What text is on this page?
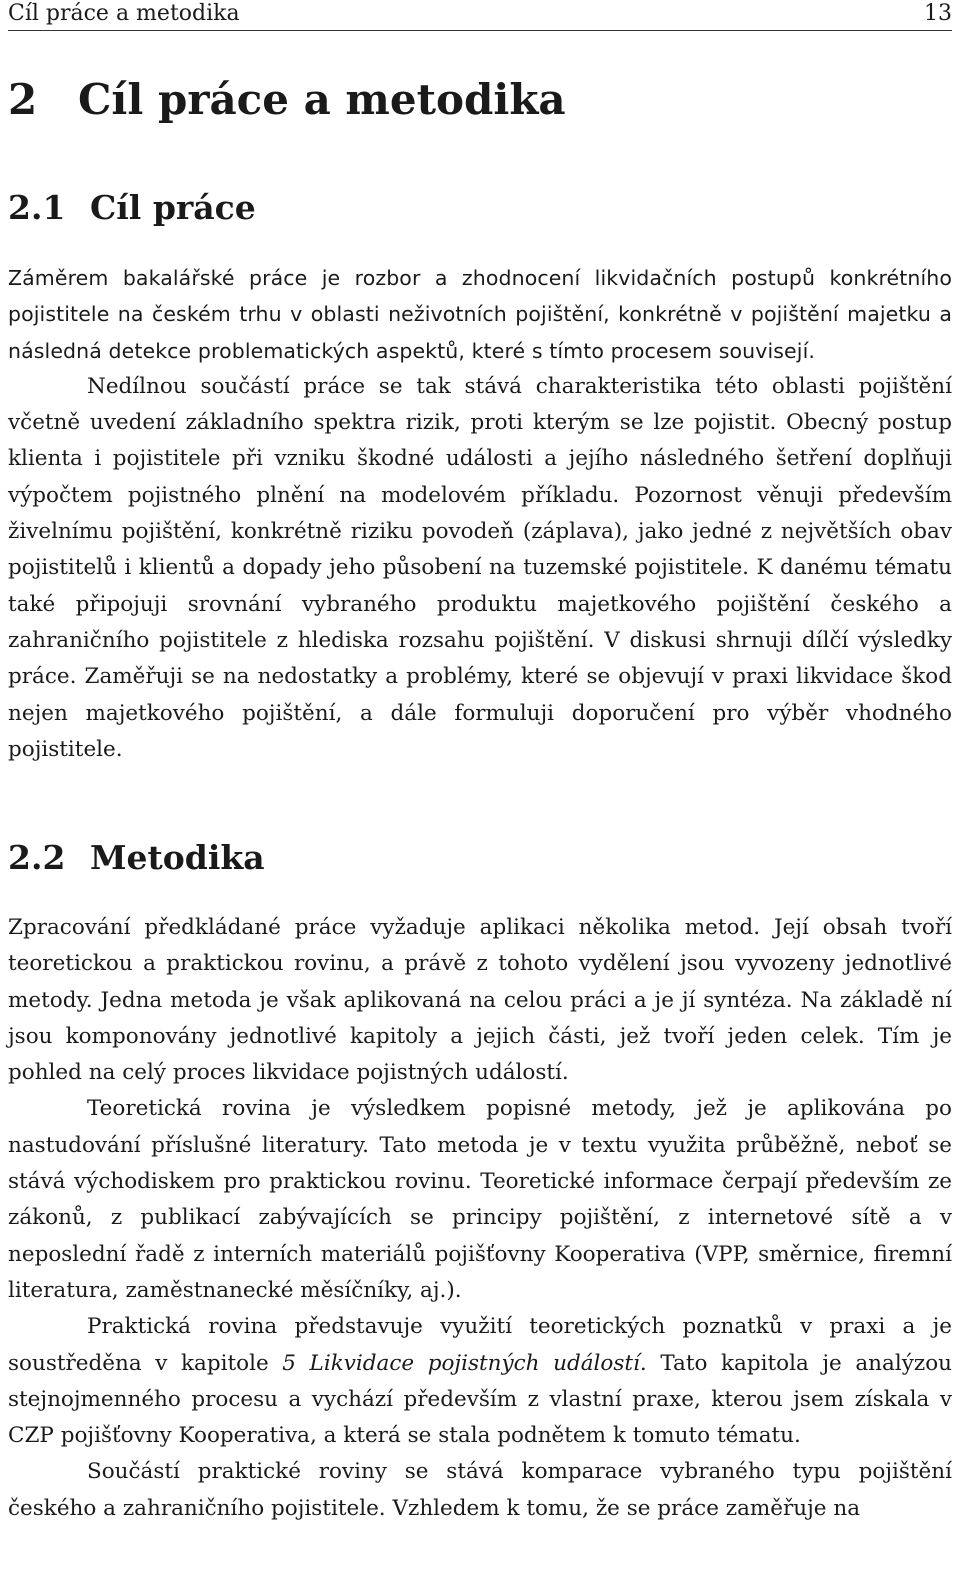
Cíl práce a metodika	13
2 Cíl práce a metodika
2.1 Cíl práce

Záměrem bakalářské práce je rozbor a zhodnocení likvidačních postupů konkrétního pojistitele na českém trhu v oblasti neživotních pojištění, konkrétně v pojištění majetku a následná detekce problematických aspektů, které s tímto procesem souvisejí.

Nedílnou součástí práce se tak stává charakteristika této oblasti pojištění včetně uvedení základního spektra rizik, proti kterým se lze pojistit. Obecný postup klienta i pojistitele při vzniku škodné události a jejího následného šetření doplňuji výpočtem pojistného plnění na modelovém příkladu. Pozornost věnuji především živelnímu pojištění, konkrétně riziku povodeň (záplava), jako jedné z největších obav pojistitelů i klientů a dopady jeho působení na tuzemské pojistitele. K danému tématu také připojuji srovnání vybraného produktu majetkového pojištění českého a zahraničního pojistitele z hlediska rozsahu pojištění. V diskusi shrnuji dílčí výsledky práce. Zaměřuji se na nedostatky a problémy, které se objevují v praxi likvidace škod nejen majetkového pojištění, a dále formuluji doporučení pro výběr vhodného pojistitele.

2.2 Metodika

Zpracování předkládané práce vyžaduje aplikaci několika metod. Její obsah tvoří teoretickou a praktickou rovinu, a právě z tohoto vydělení jsou vyvozeny jednotlivé metody. Jedna metoda je však aplikovaná na celou práci a je jí syntéza. Na základě ní jsou komponovány jednotlivé kapitoly a jejich části, jež tvoří jeden celek. Tím je pohled na celý proces likvidace pojistných událostí.

Teoretická rovina je výsledkem popisné metody, jež je aplikována po nastudování příslušné literatury. Tato metoda je v textu využita průběžně, neboť se stává východiskem pro praktickou rovinu. Teoretické informace čerpají především ze zákonů, z publikací zabývajících se principy pojištění, z internetové sítě a v neposlední řadě z interních materiálů pojišťovny Kooperativa (VPP, směrnice, firemní literatura, zaměstnanecké měsíčníky, aj.).

Praktická rovina představuje využití teoretických poznatků v praxi a je soustředěna v kapitole 5 Likvidace pojistných událostí. Tato kapitola je analýzou stejnojmenného procesu a vychází především z vlastní praxe, kterou jsem získala v CZP pojišťovny Kooperativa, a která se stala podnětem k tomuto tématu.

Součástí praktické roviny se stává komparace vybraného typu pojištění českého a zahraničního pojistitele. Vzhledem k tomu, že se práce zaměřuje na
